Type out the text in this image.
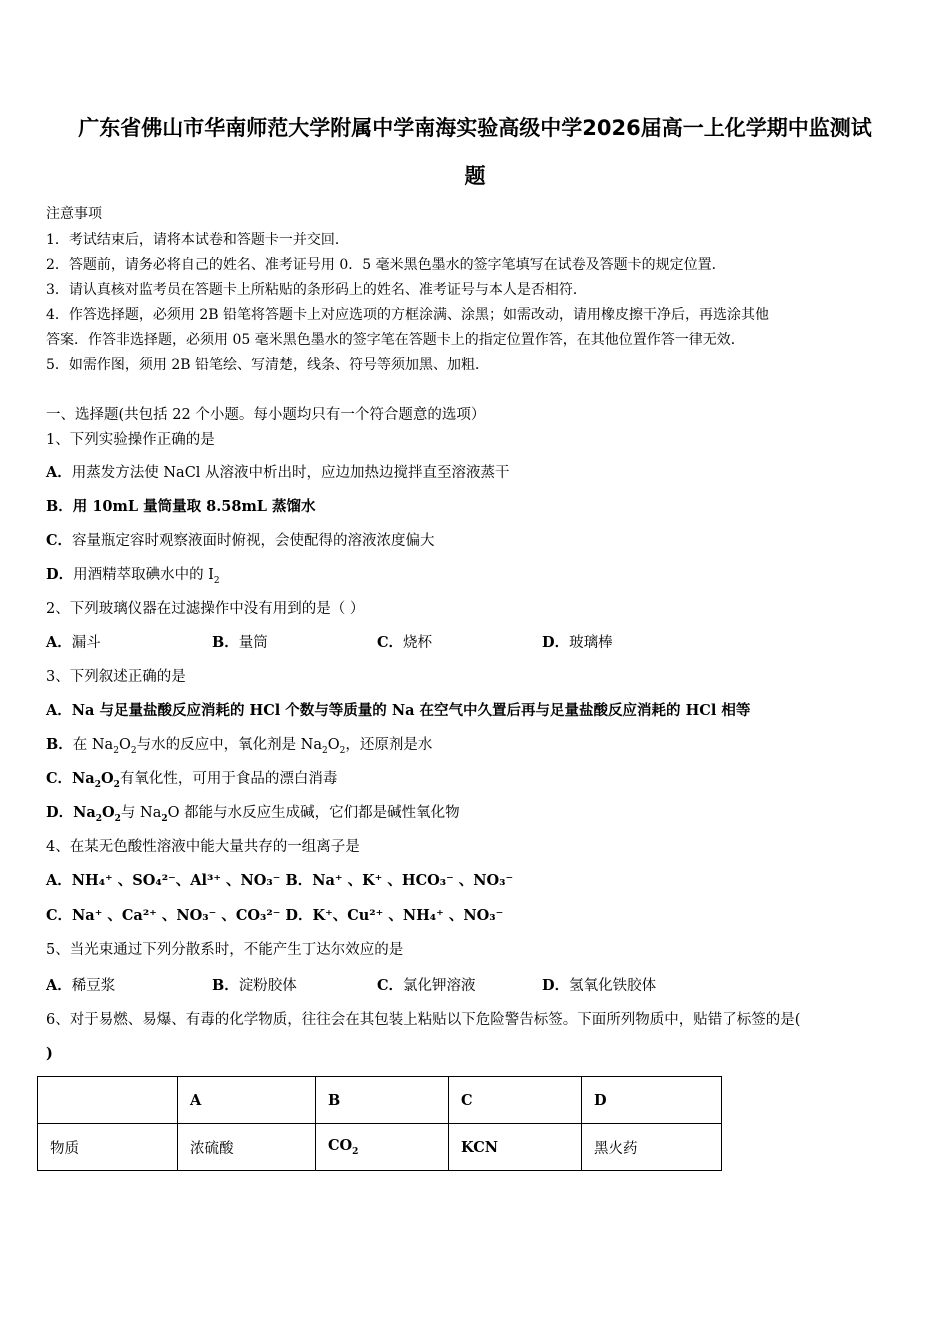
广东省佛山市华南师范大学附属中学南海实验高级中学2026届高一上化学期中监测试
题
注意事项
1．考试结束后，请将本试卷和答题卡一并交回．
2．答题前，请务必将自己的姓名、准考证号用 0．5 毫米黑色墨水的签字笔填写在试卷及答题卡的规定位置．
3．请认真核对监考员在答题卡上所粘贴的条形码上的姓名、准考证号与本人是否相符．
4．作答选择题，必须用 2B 铅笔将答题卡上对应选项的方框涂满、涂黑；如需改动，请用橡皮擦干净后，再选涂其他
答案．作答非选择题，必须用 05 毫米黑色墨水的签字笔在答题卡上的指定位置作答，在其他位置作答一律无效．
5．如需作图，须用 2B 铅笔绘、写清楚，线条、符号等须加黑、加粗．
一、选择题(共包括 22 个小题。每小题均只有一个符合题意的选项）
1、下列实验操作正确的是
A．用蒸发方法使 NaCl 从溶液中析出时，应边加热边搅拌直至溶液蒸干
B．用 10mL 量筒量取 8.58mL 蒸馏水
C．容量瓶定容时观察液面时俯视，会使配得的溶液浓度偏大
D．用酒精萃取碘水中的 $I_2$
2、下列玻璃仪器在过滤操作中没有用到的是（ ）
A．漏斗	B．量筒	C．烧杯	D．玻璃棒
3、下列叙述正确的是
A．Na 与足量盐酸反应消耗的 HCl 个数与等质量的 Na 在空气中久置后再与足量盐酸反应消耗的 HCl 相等
B．在 $Na_2O_2$与水的反应中，氧化剂是 $Na_2O_2$，还原剂是水
C．$Na_2O_2$有氧化性，可用于食品的漂白消毒
D．$Na_2O_2$与 $Na_2O$ 都能与水反应生成碱，它们都是碱性氧化物
4、在某无色酸性溶液中能大量共存的一组离子是
A．NH₄⁺ 、SO₄²⁻、Al³⁺ 、NO₃⁻ B．Na⁺ 、K⁺ 、HCO₃⁻ 、NO₃⁻
C．Na⁺ 、Ca²⁺ 、NO₃⁻ 、CO₃²⁻ D．K⁺、Cu²⁺ 、NH₄⁺ 、NO₃⁻
5、当光束通过下列分散系时，不能产生丁达尔效应的是
A．稀豆浆	B．淀粉胶体	C．氯化钾溶液	D．氢氧化铁胶体
6、对于易燃、易爆、有毒的化学物质，往往会在其包装上粘贴以下危险警告标签。下面所列物质中，贴错了标签的是(
)
	A	B	C	D
物质	浓硫酸	$CO_2$	KCN	黑火药
